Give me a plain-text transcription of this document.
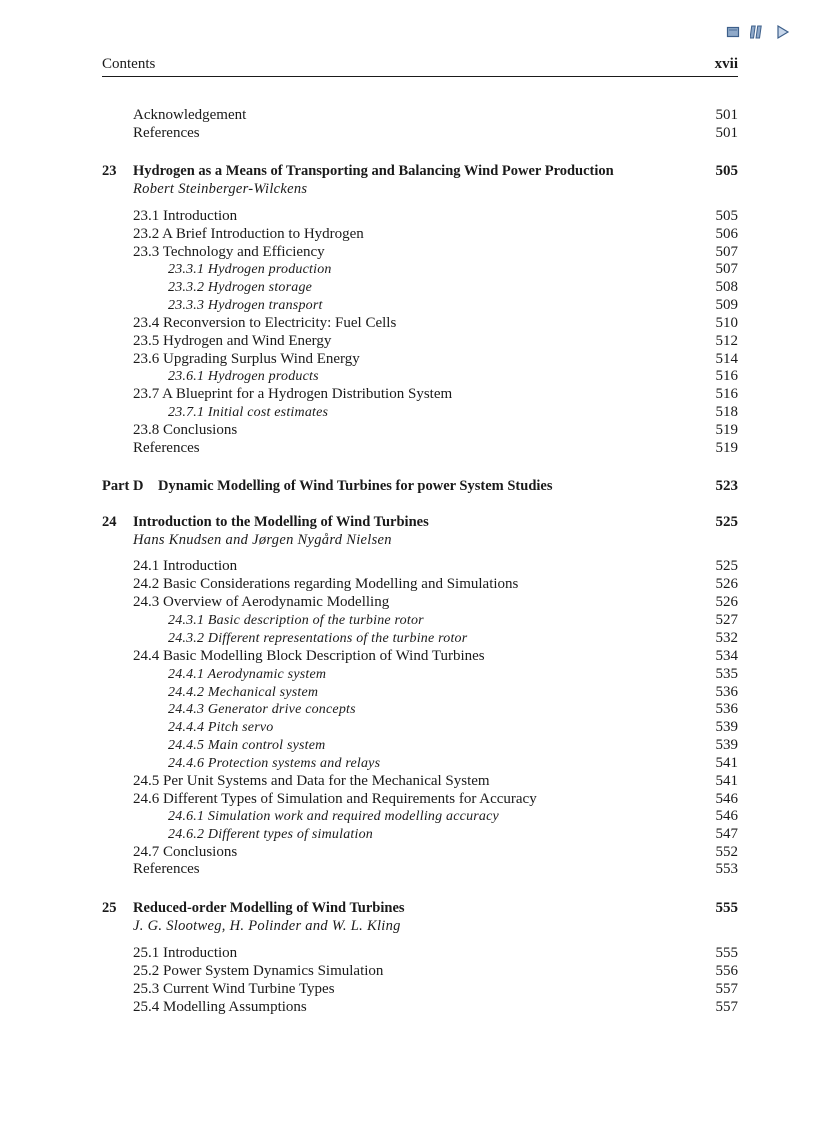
Contents	xvii
Acknowledgement	501
References	501
23 Hydrogen as a Means of Transporting and Balancing Wind Power Production	505
Robert Steinberger-Wilckens
23.1 Introduction	505
23.2 A Brief Introduction to Hydrogen	506
23.3 Technology and Efficiency	507
23.3.1 Hydrogen production	507
23.3.2 Hydrogen storage	508
23.3.3 Hydrogen transport	509
23.4 Reconversion to Electricity: Fuel Cells	510
23.5 Hydrogen and Wind Energy	512
23.6 Upgrading Surplus Wind Energy	514
23.6.1 Hydrogen products	516
23.7 A Blueprint for a Hydrogen Distribution System	516
23.7.1 Initial cost estimates	518
23.8 Conclusions	519
References	519
Part D    Dynamic Modelling of Wind Turbines for power System Studies	523
24 Introduction to the Modelling of Wind Turbines	525
Hans Knudsen and Jørgen Nygård Nielsen
24.1 Introduction	525
24.2 Basic Considerations regarding Modelling and Simulations	526
24.3 Overview of Aerodynamic Modelling	526
24.3.1 Basic description of the turbine rotor	527
24.3.2 Different representations of the turbine rotor	532
24.4 Basic Modelling Block Description of Wind Turbines	534
24.4.1 Aerodynamic system	535
24.4.2 Mechanical system	536
24.4.3 Generator drive concepts	536
24.4.4 Pitch servo	539
24.4.5 Main control system	539
24.4.6 Protection systems and relays	541
24.5 Per Unit Systems and Data for the Mechanical System	541
24.6 Different Types of Simulation and Requirements for Accuracy	546
24.6.1 Simulation work and required modelling accuracy	546
24.6.2 Different types of simulation	547
24.7 Conclusions	552
References	553
25 Reduced-order Modelling of Wind Turbines	555
J. G. Slootweg, H. Polinder and W. L. Kling
25.1 Introduction	555
25.2 Power System Dynamics Simulation	556
25.3 Current Wind Turbine Types	557
25.4 Modelling Assumptions	557
